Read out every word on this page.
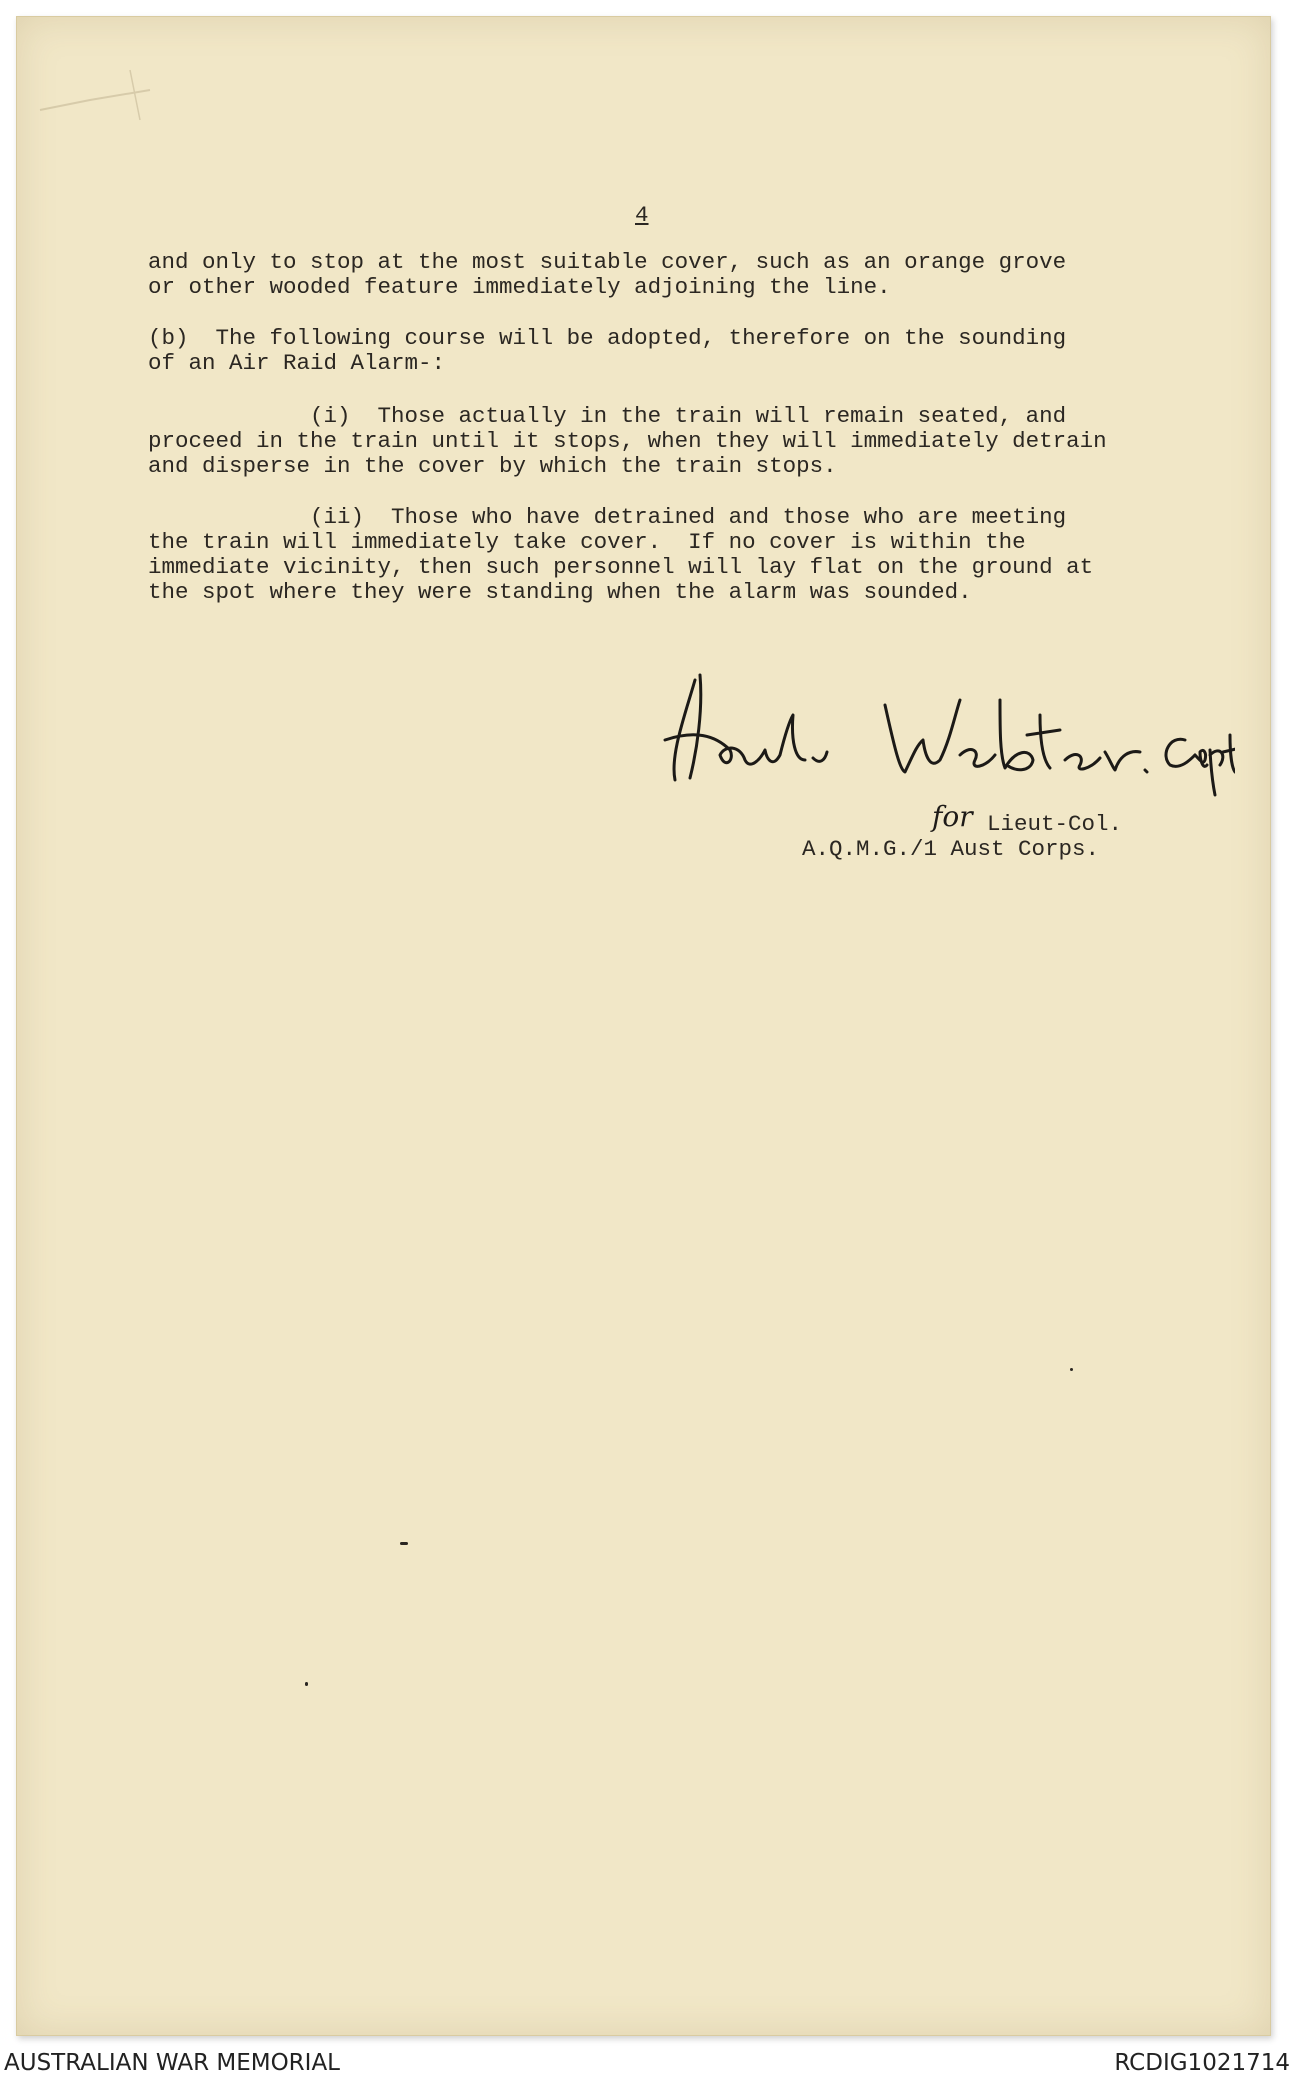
4
and only to stop at the most suitable cover, such as an orange grove
or other wooded feature immediately adjoining the line.
(b)  The following course will be adopted, therefore on the sounding
of an Air Raid Alarm-:
(i)  Those actually in the train will remain seated, and
proceed in the train until it stops, when they will immediately detrain
and disperse in the cover by which the train stops.
(ii)  Those who have detrained and those who are meeting
the train will immediately take cover.  If no cover is within the
immediate vicinity, then such personnel will lay flat on the ground at
the spot where they were standing when the alarm was sounded.
for Lieut-Col.
A.Q.M.G./1 Aust Corps.
AUSTRALIAN WAR MEMORIAL	RCDIG1021714
